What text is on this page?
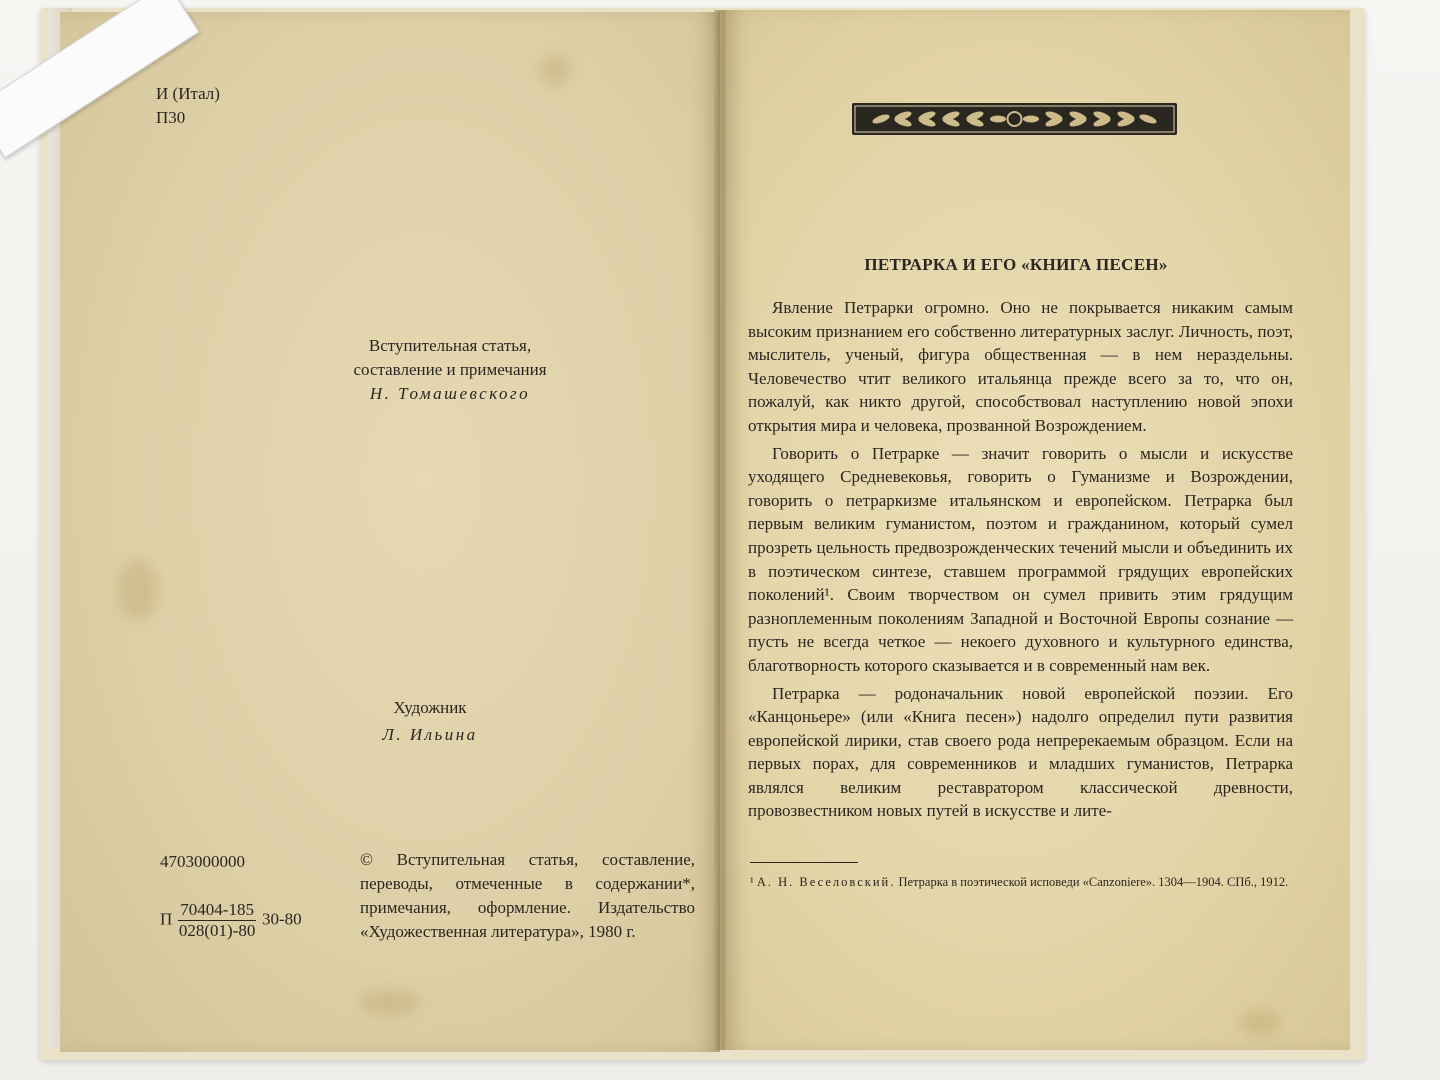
И (Итал)
П30
Вступительная статья,
составление и примечания
Н. Томашевского
Художник
Л. Ильина
4703000000
П $\frac{70404-185}{028(01)-80} 30-80$
© Вступительная статья, составление, переводы, отмеченные в содержании*, примечания, оформление. Издательство «Художественная литература», 1980 г.
ПЕТРАРКА И ЕГО «КНИГА ПЕСЕН»

Явление Петрарки огромно. Оно не покрывается никаким самым высоким признанием его собственно литературных заслуг. Личность, поэт, мыслитель, ученый, фигура общественная — в нем нераздельны. Человечество чтит великого итальянца прежде всего за то, что он, пожалуй, как никто другой, способствовал наступлению новой эпохи открытия мира и человека, прозванной Возрождением.

Говорить о Петрарке — значит говорить о мысли и искусстве уходящего Средневековья, говорить о Гуманизме и Возрождении, говорить о петраркизме итальянском и европейском. Петрарка был первым великим гуманистом, поэтом и гражданином, который сумел прозреть цельность предвозрожденческих течений мысли и объединить их в поэтическом синтезе, ставшем программой грядущих европейских поколений¹. Своим творчеством он сумел привить этим грядущим разноплеменным поколениям Западной и Восточной Европы сознание — пусть не всегда четкое — некоего духовного и культурного единства, благотворность которого сказывается и в современный нам век.

Петрарка — родоначальник новой европейской поэзии. Его «Канцоньере» (или «Книга песен») надолго определил пути развития европейской лирики, став своего рода непререкаемым образцом. Если на первых порах, для современников и младших гуманистов, Петрарка являлся великим реставратором классической древности, провозвестником новых путей в искусстве и лите-

¹ А. Н. Веселовский. Петрарка в поэтической исповеди «Canzoniere». 1304—1904. СПб., 1912.
